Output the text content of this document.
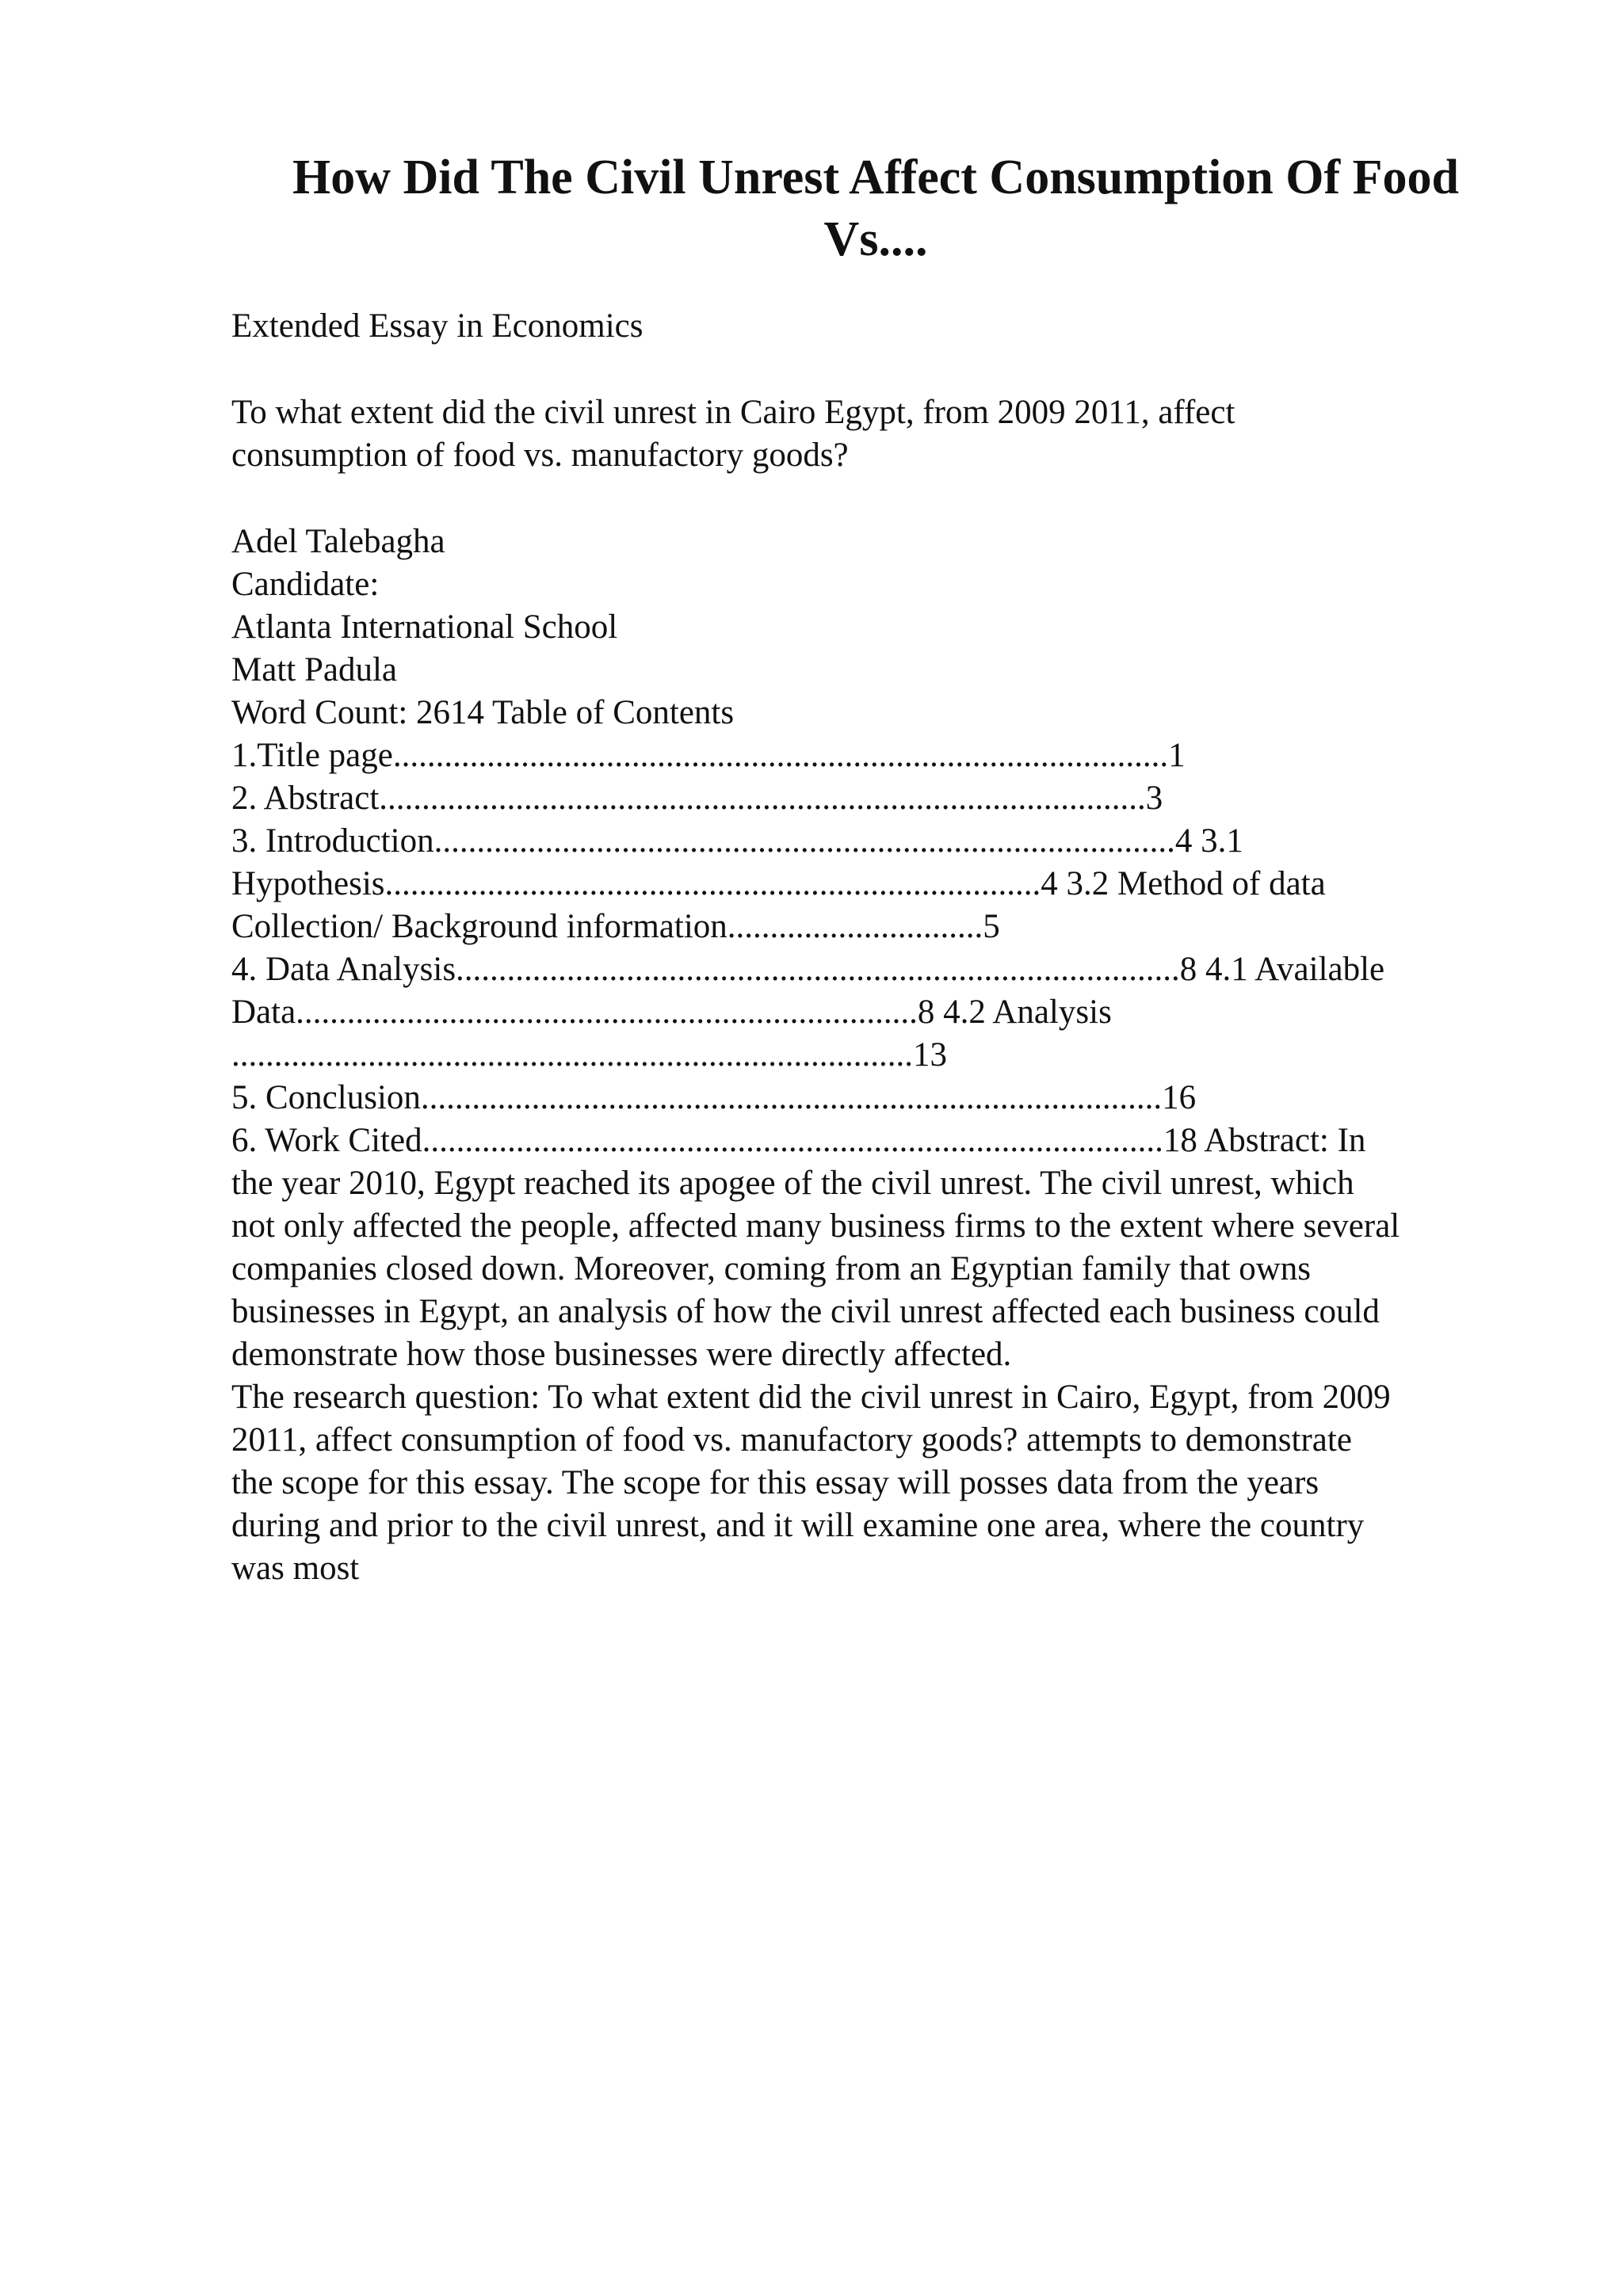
How Did The Civil Unrest Affect Consumption Of Food Vs....

Extended Essay in Economics

To what extent did the civil unrest in Cairo Egypt, from 2009 2011, affect

consumption of food vs. manufactory goods?

Adel Talebagha

Candidate:

Atlanta International School

Matt Padula

Word Count: 2614 Table of Contents

1.Title page...........................................................................................1

2. Abstract..........................................................................................3

3. Introduction.......................................................................................4 3.1

Hypothesis.............................................................................4 3.2 Method of data

Collection/ Background information..............................5

4. Data Analysis.....................................................................................8 4.1 Available

Data.........................................................................8 4.2 Analysis

................................................................................13

5. Conclusion.......................................................................................16

6. Work Cited.......................................................................................18 Abstract: In

the year 2010, Egypt reached its apogee of the civil unrest. The civil unrest, which

not only affected the people, affected many business firms to the extent where several

companies closed down. Moreover, coming from an Egyptian family that owns

businesses in Egypt, an analysis of how the civil unrest affected each business could

demonstrate how those businesses were directly affected.

The research question: To what extent did the civil unrest in Cairo, Egypt, from 2009

2011, affect consumption of food vs. manufactory goods? attempts to demonstrate

the scope for this essay. The scope for this essay will posses data from the years

during and prior to the civil unrest, and it will examine one area, where the country

was most
